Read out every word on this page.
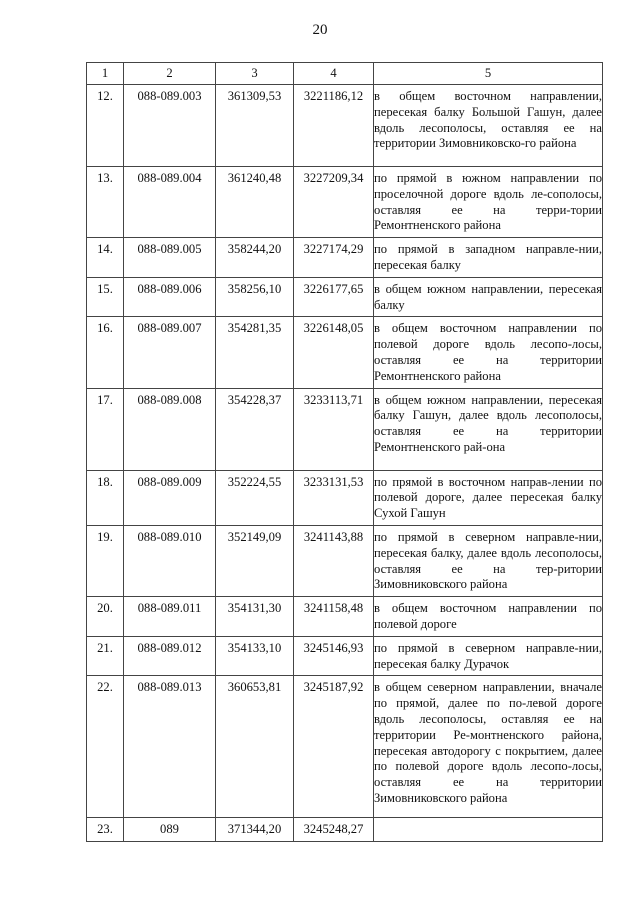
20
1	2	3	4	5
12.	088-089.003	361309,53	3221186,12	в общем восточном направлении, пересекая балку Большой Гашун, далее вдоль лесополосы, оставляя ее на территории Зимовниковско-го района
13.	088-089.004	361240,48	3227209,34	по прямой в южном направлении по проселочной дороге вдоль ле-сополосы, оставляя ее на терри-тории Ремонтненского района
14.	088-089.005	358244,20	3227174,29	по прямой в западном направле-нии, пересекая балку
15.	088-089.006	358256,10	3226177,65	в общем южном направлении, пересекая балку
16.	088-089.007	354281,35	3226148,05	в общем восточном направлении по полевой дороге вдоль лесопо-лосы, оставляя ее на территории Ремонтненского района
17.	088-089.008	354228,37	3233113,71	в общем южном направлении, пересекая балку Гашун, далее вдоль лесополосы, оставляя ее на территории Ремонтненского рай-она
18.	088-089.009	352224,55	3233131,53	по прямой в восточном направ-лении по полевой дороге, далее пересекая балку Сухой Гашун
19.	088-089.010	352149,09	3241143,88	по прямой в северном направле-нии, пересекая балку, далее вдоль лесополосы, оставляя ее на тер-ритории Зимовниковского района
20.	088-089.011	354131,30	3241158,48	в общем восточном направлении по полевой дороге
21.	088-089.012	354133,10	3245146,93	по прямой в северном направле-нии, пересекая балку Дурачок
22.	088-089.013	360653,81	3245187,92	в общем северном направлении, вначале по прямой, далее по по-левой дороге вдоль лесополосы, оставляя ее на территории Ре-монтненского района, пересекая автодорогу с покрытием, далее по полевой дороге вдоль лесопо-лосы, оставляя ее на территории Зимовниковского района
23.	089	371344,20	3245248,27	
